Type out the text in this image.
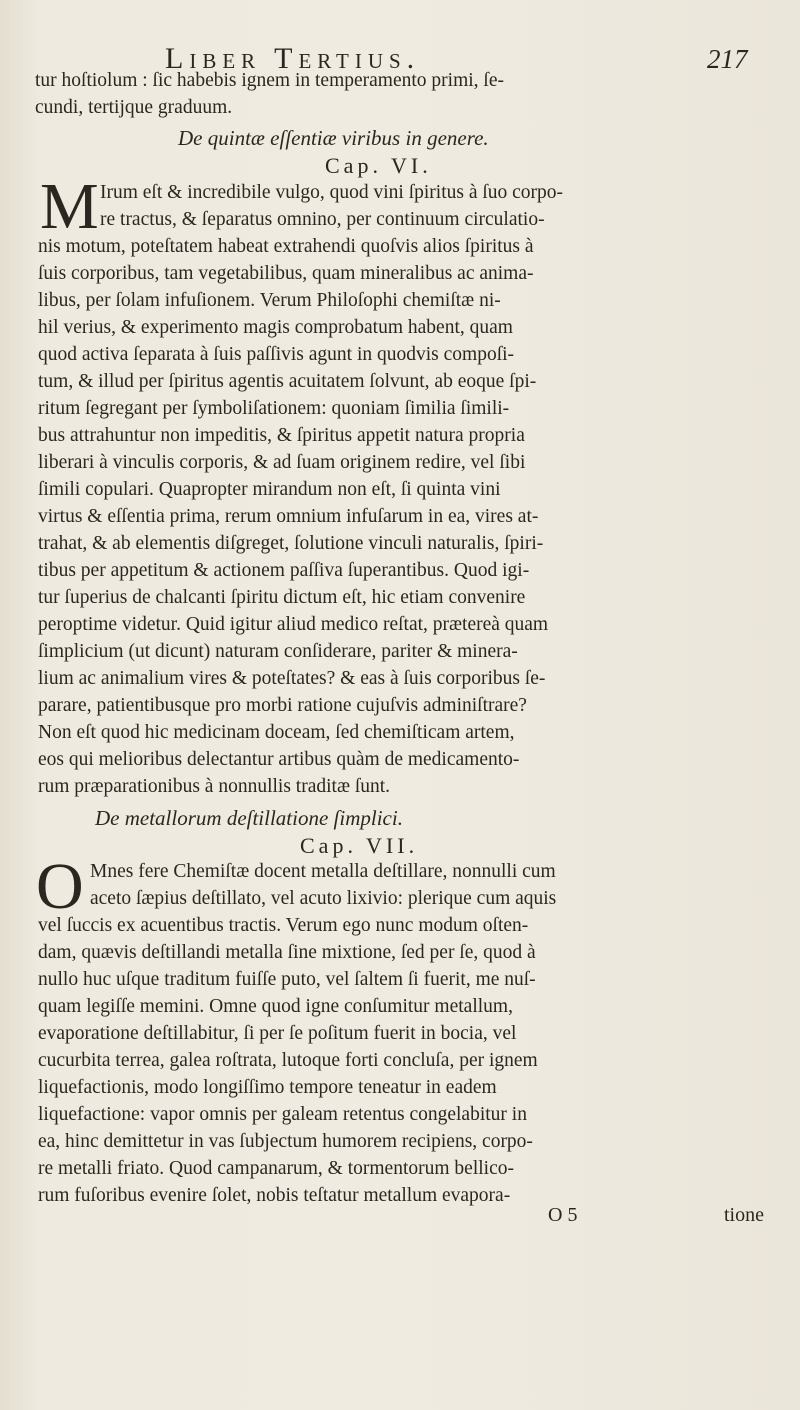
Liber Tertius.	217
tur hoſtiolum : ſic habebis ignem in temperamento primi, ſe-
cundi, tertijque graduum.
De quintæ eſſentiæ viribus in genere.
Cap. VI.
M Irum eſt & incredibile vulgo, quod vini ſpiritus à ſuo corpo-
re tractus, & ſeparatus omnino, per continuum circulatio-
nis motum, poteſtatem habeat extrahendi quoſvis alios ſpiritus à
ſuis corporibus, tam vegetabilibus, quam mineralibus ac anima-
libus, per ſolam infuſionem. Verum Philoſophi chemiſtæ ni-
hil verius, & experimento magis comprobatum habent, quam
quod activa ſeparata à ſuis paſſivis agunt in quodvis compoſi-
tum, & illud per ſpiritus agentis acuitatem ſolvunt, ab eoque ſpi-
ritum ſegregant per ſymboliſationem: quoniam ſimilia ſimili-
bus attrahuntur non impeditis, & ſpiritus appetit natura propria
liberari à vinculis corporis, & ad ſuam originem redire, vel ſibi
ſimili copulari. Quapropter mirandum non eſt, ſi quinta vini
virtus & eſſentia prima, rerum omnium infuſarum in ea, vires at-
trahat, & ab elementis diſgreget, ſolutione vinculi naturalis, ſpiri-
tibus per appetitum & actionem paſſiva ſuperantibus. Quod igi-
tur ſuperius de chalcanti ſpiritu dictum eſt, hic etiam convenire
peroptime videtur. Quid igitur aliud medico reſtat, prætereà quam
ſimplicium (ut dicunt) naturam conſiderare, pariter & minera-
lium ac animalium vires & poteſtates? & eas à ſuis corporibus ſe-
parare, patientibusque pro morbi ratione cujuſvis adminiſtrare?
Non eſt quod hic medicinam doceam, ſed chemiſticam artem,
eos qui melioribus delectantur artibus quàm de medicamento-
rum præparationibus à nonnullis traditæ ſunt.
De metallorum deſtillatione ſimplici.
Cap. VII.
O Mnes fere Chemiſtæ docent metalla deſtillare, nonnulli cum
aceto ſæpius deſtillato, vel acuto lixivio: plerique cum aquis
vel ſuccis ex acuentibus tractis. Verum ego nunc modum oſten-
dam, quævis deſtillandi metalla ſine mixtione, ſed per ſe, quod à
nullo huc uſque traditum fuiſſe puto, vel ſaltem ſi fuerit, me nuſ-
quam legiſſe memini. Omne quod igne conſumitur metallum,
evaporatione deſtillabitur, ſi per ſe poſitum fuerit in bocia, vel
cucurbita terrea, galea roſtrata, lutoque forti concluſa, per ignem
liquefactionis, modo longiſſimo tempore teneatur in eadem
liquefactione: vapor omnis per galeam retentus congelabitur in
ea, hinc demittetur in vas ſubjectum humorem recipiens, corpo-
re metalli friato. Quod campanarum, & tormentorum bellico-
rum fuſoribus evenire ſolet, nobis teſtatur metallum evapora-
O 5	tione
